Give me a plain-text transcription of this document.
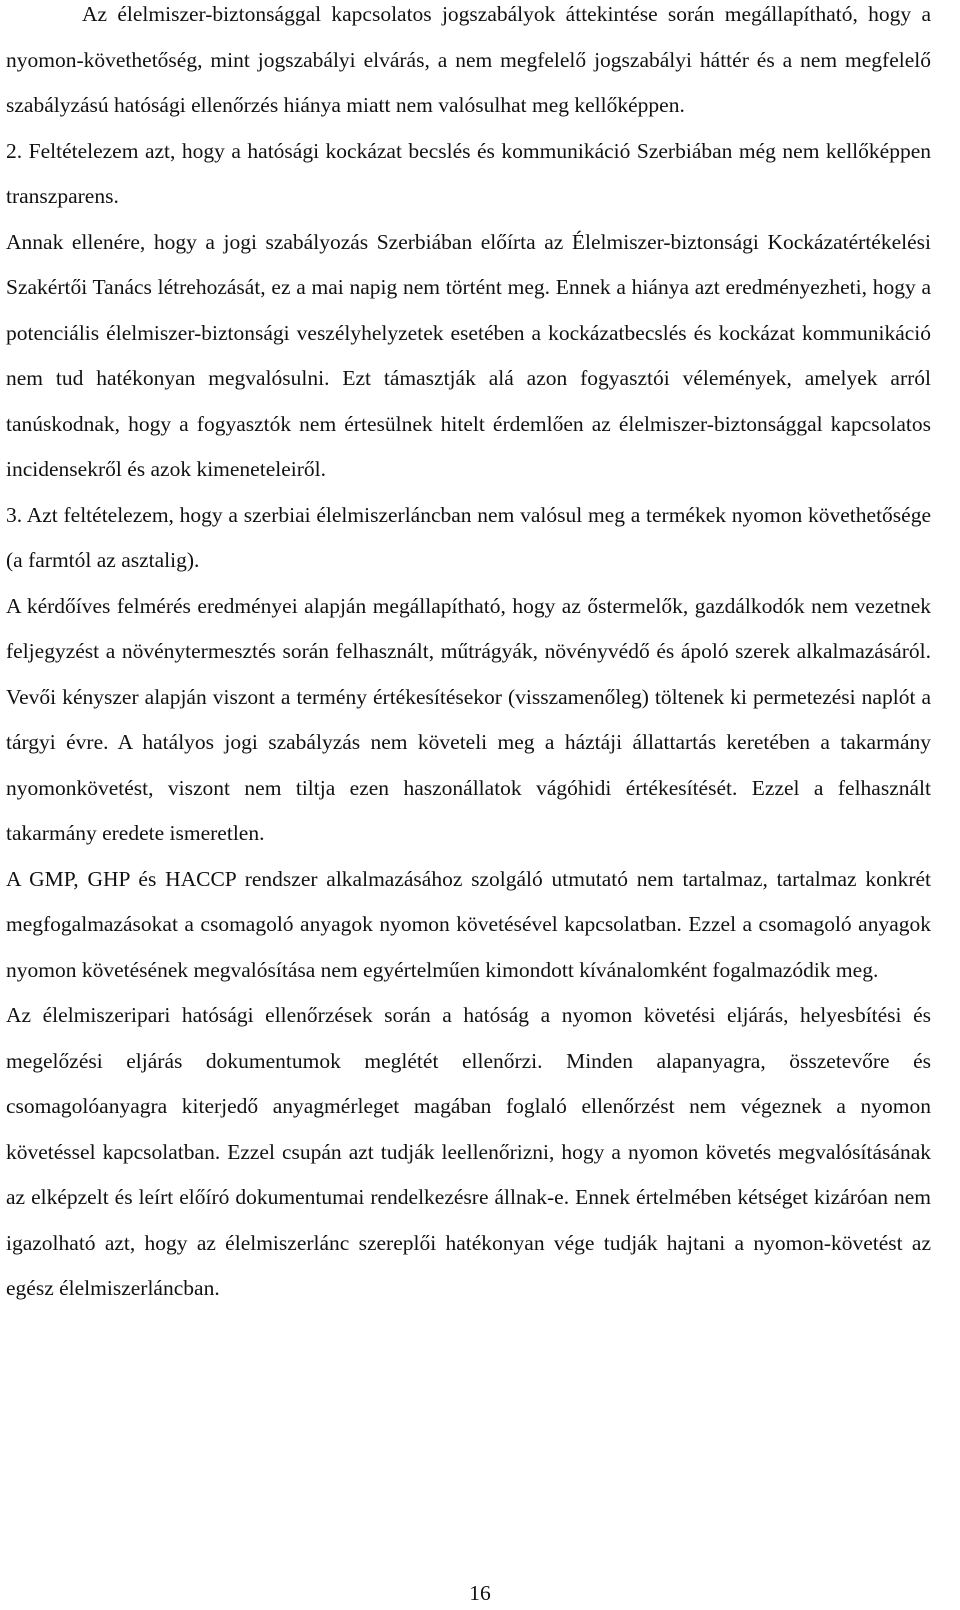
Az élelmiszer-biztonsággal kapcsolatos jogszabályok áttekintése során megállapítható, hogy a nyomon-követhetőség, mint jogszabályi elvárás, a nem megfelelő jogszabályi háttér és a nem megfelelő szabályzású hatósági ellenőrzés hiánya miatt nem valósulhat meg kellőképpen.

2. Feltételezem azt, hogy a hatósági kockázat becslés és kommunikáció Szerbiában még nem kellőképpen transzparens.

Annak ellenére, hogy a jogi szabályozás Szerbiában előírta az Élelmiszer-biztonsági Kockázatértékelési Szakértői Tanács létrehozását, ez a mai napig nem történt meg. Ennek a hiánya azt eredményezheti, hogy a potenciális élelmiszer-biztonsági veszélyhelyzetek esetében a kockázatbecslés és kockázat kommunikáció nem tud hatékonyan megvalósulni. Ezt támasztják alá azon fogyasztói vélemények, amelyek arról tanúskodnak, hogy a fogyasztók nem értesülnek hitelt érdemlően az élelmiszer-biztonsággal kapcsolatos incidensekről és azok kimeneteleiről.

3. Azt feltételezem, hogy a szerbiai élelmiszerláncban nem valósul meg a termékek nyomon követhetősége (a farmtól az asztalig).

A kérdőíves felmérés eredményei alapján megállapítható, hogy az őstermelők, gazdálkodók nem vezetnek feljegyzést a növénytermesztés során felhasznált, műtrágyák, növényvédő és ápoló szerek alkalmazásáról. Vevői kényszer alapján viszont a termény értékesítésekor (visszamenőleg) töltenek ki permetezési naplót a tárgyi évre. A hatályos jogi szabályzás nem követeli meg a háztáji állattartás keretében a takarmány nyomonkövetést, viszont nem tiltja ezen haszonállatok vágóhidi értékesítését. Ezzel a felhasznált takarmány eredete ismeretlen.

A GMP, GHP és HACCP rendszer alkalmazásához szolgáló utmutató nem tartalmaz, tartalmaz konkrét megfogalmazásokat a csomagoló anyagok nyomon követésével kapcsolatban. Ezzel a csomagoló anyagok nyomon követésének megvalósítása nem egyértelműen kimondott kívánalomként fogalmazódik meg.

Az élelmiszeripari hatósági ellenőrzések során a hatóság a nyomon követési eljárás, helyesbítési és megelőzési eljárás dokumentumok meglétét ellenőrzi. Minden alapanyagra, összetevőre és csomagolóanyagra kiterjedő anyagmérleget magában foglaló ellenőrzést nem végeznek a nyomon követéssel kapcsolatban. Ezzel csupán azt tudják leellenőrizni, hogy a nyomon követés megvalósításának az elképzelt és leírt előíró dokumentumai rendelkezésre állnak-e. Ennek értelmében kétséget kizáróan nem igazolható azt, hogy az élelmiszerlánc szereplői hatékonyan vége tudják hajtani a nyomon-követést az egész élelmiszerláncban.

16
